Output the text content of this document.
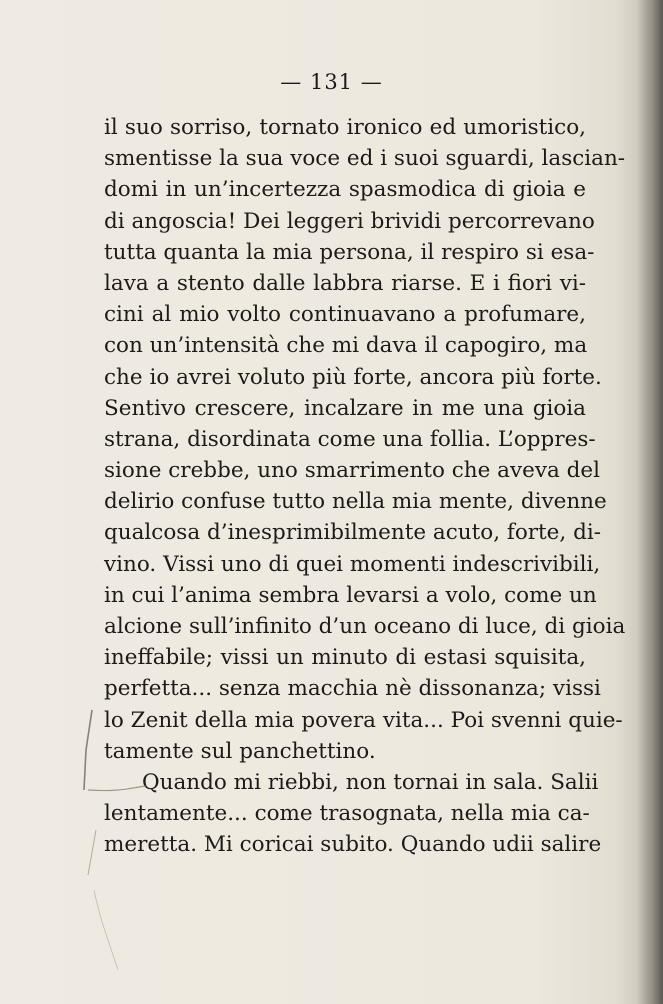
— 131 —
il suo sorriso, tornato ironico ed umoristico,
smentisse la sua voce ed i suoi sguardi, lascian-
domi in un’incertezza spasmodica di gioia e
di angoscia! Dei leggeri brividi percorrevano
tutta quanta la mia persona, il respiro si esa-
lava a stento dalle labbra riarse. E i fiori vi-
cini al mio volto continuavano a profumare,
con un’intensità che mi dava il capogiro, ma
che io avrei voluto più forte, ancora più forte.
Sentivo crescere, incalzare in me una gioia
strana, disordinata come una follia. L’oppres-
sione crebbe, uno smarrimento che aveva del
delirio confuse tutto nella mia mente, divenne
qualcosa d’inesprimibilmente acuto, forte, di-
vino. Vissi uno di quei momenti indescrivibili,
in cui l’anima sembra levarsi a volo, come un
alcione sull’infinito d’un oceano di luce, di gioia
ineffabile; vissi un minuto di estasi squisita,
perfetta... senza macchia nè dissonanza; vissi
lo Zenit della mia povera vita... Poi svenni quie-
tamente sul panchettino.
Quando mi riebbi, non tornai in sala. Salii
lentamente... come trasognata, nella mia ca-
meretta. Mi coricai subito. Quando udii salire
